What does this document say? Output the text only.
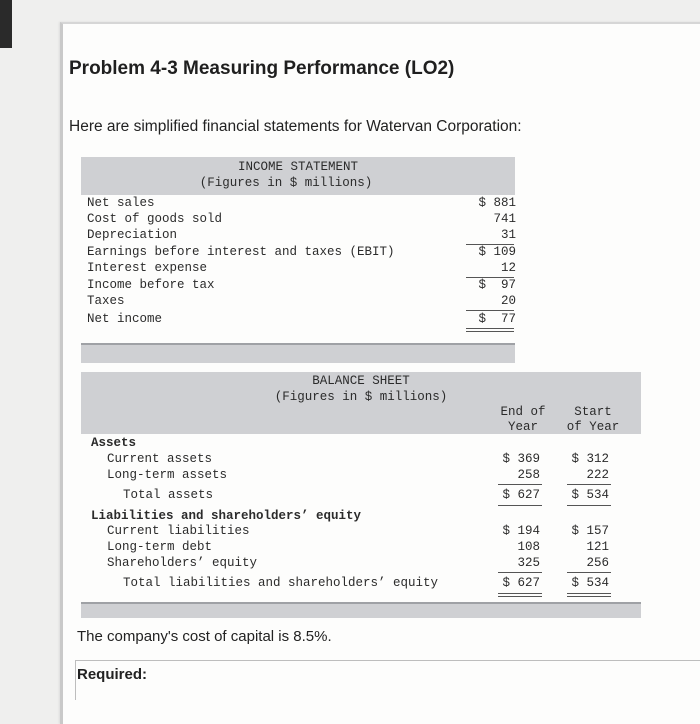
Problem 4-3 Measuring Performance (LO2)
Here are simplified financial statements for Watervan Corporation:
INCOME STATEMENT
(Figures in $ millions)
Net sales	$ 881
Cost of goods sold	741
Depreciation	31
Earnings before interest and taxes (EBIT)	$ 109
Interest expense	12
Income before tax	$  97
Taxes	20
Net income	$  77
BALANCE SHEET
(Figures in $ millions)
End of
Year
Start
of Year
Assets
Current assets	$ 369	$ 312
Long-term assets	258	222
Total assets	$ 627	$ 534
Liabilities and shareholders’ equity
Current liabilities	$ 194	$ 157
Long-term debt	108	121
Shareholders’ equity	325	256
Total liabilities and shareholders’ equity	$ 627	$ 534
The company's cost of capital is 8.5%.
Required:
